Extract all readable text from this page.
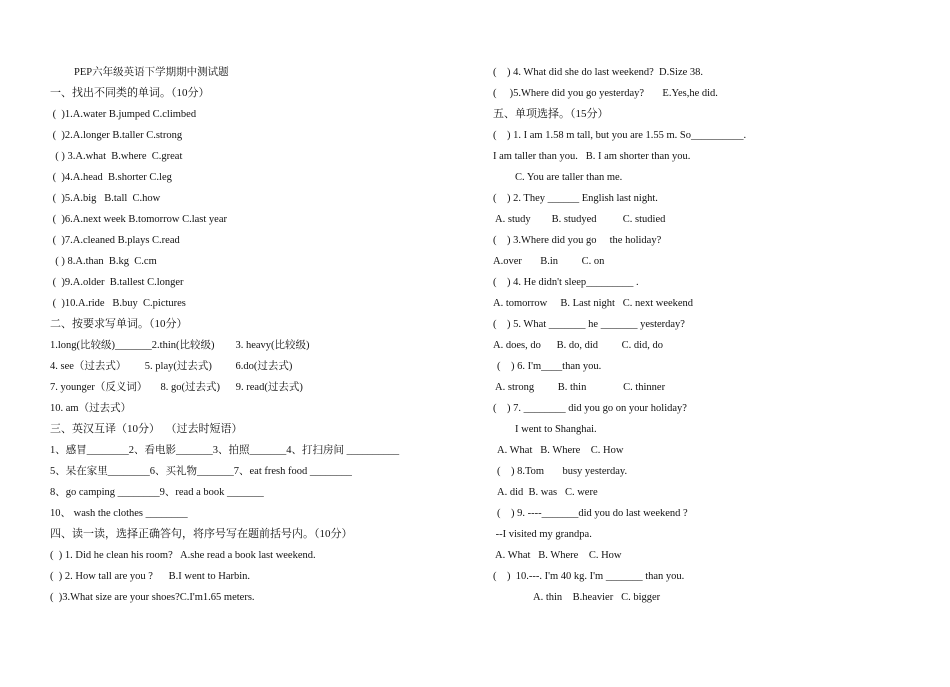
PEP六年级英语下学期期中测试题
一、找出不同类的单词。（10分）
(  )1.A.water B.jumped C.climbed
(  )2.A.longer B.taller C.strong
( ) 3.A.what  B.where  C.great
(  )4.A.head  B.shorter C.leg
(  )5.A.big   B.tall  C.how
(  )6.A.next week B.tomorrow C.last year
(  )7.A.cleaned B.plays C.read
( ) 8.A.than  B.kg  C.cm
(  )9.A.older  B.tallest C.longer
(  )10.A.ride   B.buy  C.pictures
二、按要求写单词。（10分）
1.long(比较级)_______2.thin(比较级)        3. heavy(比较级)
4. see（过去式）       5. play(过去式)         6.do(过去式)
7. younger（反义词）     8. go(过去式)      9. read(过去式)
10. am（过去式）
三、英汉互译（10分）  （过去时短语）
1、感冒________2、看电影_______3、拍照_______4、打扫房间 __________
5、呆在家里________6、买礼物_______7、eat fresh food ________
8、go camping ________9、read a book _______
10、 wash the clothes ________
四、读一读，选择正确答句，将序号写在题前括号内。（10分）
(  ) 1. Did he clean his room?   A.she read a book last weekend.
(  ) 2. How tall are you ?      B.I went to Harbin.
(  )3.What size are your shoes?C.I'm1.65 meters.
(    ) 4. What did she do last weekend?  D.Size 38.
(     )5.Where did you go yesterday?       E.Yes,he did.
五、单项选择。（15分）
(    ) 1. I am 1.58 m tall, but you are 1.55 m. So__________.
I am taller than you.   B. I am shorter than you.
C. You are taller than me.
(    ) 2. They ______ English last night.
A. study        B. studyed          C. studied
(    ) 3.Where did you go     the holiday?
A.over       B.in         C. on
(    ) 4. He didn't sleep_________ .
A. tomorrow     B. Last night   C. next weekend
(    ) 5. What _______ he _______ yesterday?
A. does, do      B. do, did         C. did, do
(    ) 6. I'm____than you.
A. strong         B. thin              C. thinner
(    ) 7. ________ did you go on your holiday?
I went to Shanghai.
A. What   B. Where    C. How
(    ) 8.Tom       busy yesterday.
A. did  B. was   C. were
(    ) 9. ----_______did you do last weekend ?
--I visited my grandpa.
A. What   B. Where    C. How
(    )  10.---. I'm 40 kg. I'm _______ than you.
A. thin    B.heavier   C. bigger
